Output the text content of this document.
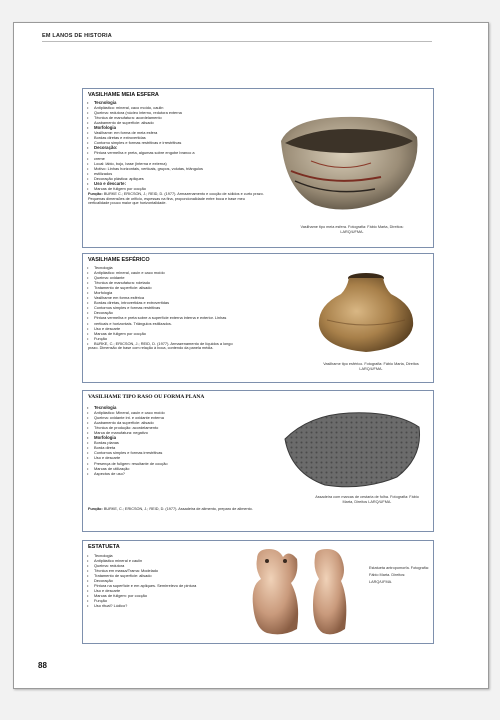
EM LANOS DE HISTORIA
VASILHAME MEIA ESFERA
• Tecnologia
• Antiplástico: mineral, caco moído, caulin
• Queima: redutora (núcleo interno, redutora externa
• Técnica de manufatura: acordelamento
• Acabamento de superfície: alisado
• Morfologia
• Vasilhame: em forma de meia esfera
• Bordas diretas e extrovertidas
• Contorno simples e formas restritivas e irrestritivas
• Decoração:
• Pintura vermelha e preta, algumas sobre engobe branco a
• creme
• Local: lábio, bojo, base (interna e externa)
• Motivo: Linhas horizontais, verticais, grupos, volutas, triângulos
• estilizados
• Decoração plástica: apliques
• Uso e descarte:
• Marcas de fuligem por cocção
Função: BURKE C.; ERICSON, J.; REID, D. (1977). Armazenamento e cocção de sólidos e curto prazo. Pequenas dimensões de orifício, espessas na fina, proporcionalidade entre boca e base meu verticalidade pouco maior que horizontalidade.
Vasilhame tipo meia esfera. Fotografia: Fábio Marta, Direitos: LARQ/UFMA.
VASILHAME ESFÉRICO
• Tecnologia
• Antiplástico: mineral, cauin e caco moído
• Queima: oxidante
• Técnica de manufatura: roletado
• Tratamento de superfície: alisado
• Morfologia
• Vasilhame em forma esférica
• Bordas diretas, introvertidas e extrovertidas
• Contornos simples e formas restritivas
• Decoração
• Pintura vermelha e preta sobre a superfície externa interna e exterior. Linhas
• verticais e horizontais. Triângulos estilizados.
• Uso e descarte
• Marcas de fuligem por cocção
• Função
• BURKE, C.; ERICSON, J.; REID, D. (1977). Armazenamento de líquidos a longo
prazo. Dimensão de base com relação à boca, contendo da panela média.
Vasilhame tipo esférico. Fotografia: Fábio Marta, Direitos LARQ/UFMA.
VASILHAME TIPO RASO OU FORMA PLANA
• Tecnologia
• Antiplástico: Mineral, cauin e caco moído
• Queima: oxidante int. e oxidante externa
• Acabamento da superfície: alisado
• Técnica de produção: acordelamento
• Marca de manufatura: negativo
• Morfologia
• Bordas planas
• Borda direta
• Contornos simples e formas irrestritivas
• Uso e descarte
• Presença de fuligem: resultante de cocção
• Marcas de utilização
• Aspectos de uso?
Função: BURKE, C.; ERICSON, J.; REID, D. (1977). Assadeira de alimento, preparo de alimento.
Assadeira com marcas de cestaria de folha. Fotografia: Fábio Marta, Direitos LARQ/UFMA.
ESTATUETA
• Tecnologia
• Antiplástico mineral e caulin
• Queima: redutora
• Técnica em massa/Trama: Modelado
• Tratamento de superfície: alisado
• Decoração
• Pintura na superfície e em apliques. Semirrelevo de pintura
• Uso e descarte
• Marcas de fuligem: por cocção
• Função
• Uso ritual? Lúdico?
Estatueta antropomorfa. Fotografia: Fábio Marta. Direitos: LARQ/UFMA.
88
